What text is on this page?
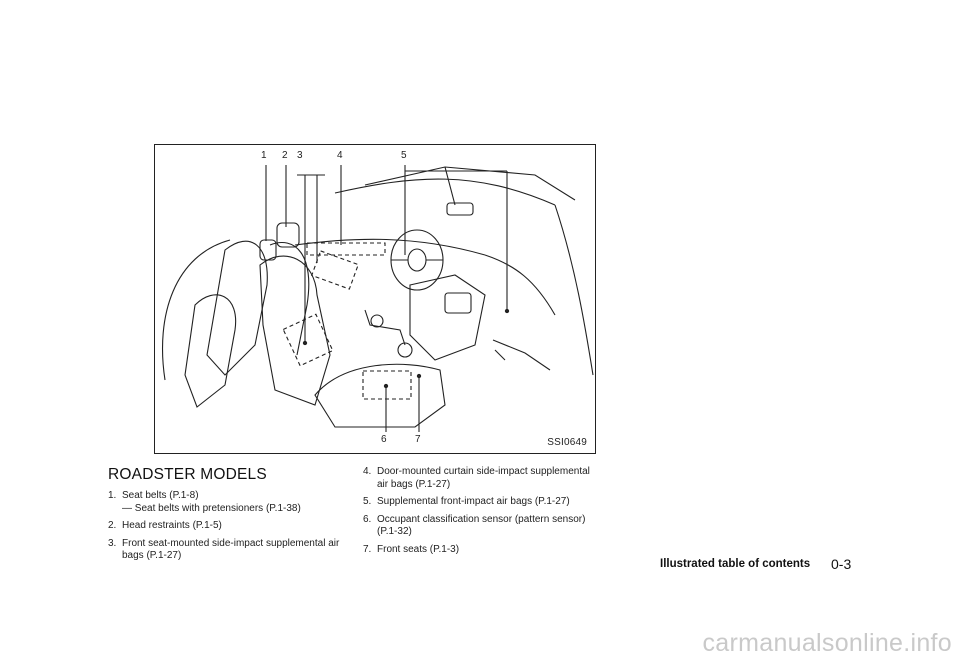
1 2 3	4	5
6	7	SSI0649
ROADSTER MODELS
1. Seat belts (P.1-8)
— Seat belts with pretensioners (P.1-38)
2. Head restraints (P.1-5)
3. Front seat-mounted side-impact supplemental air bags (P.1-27)
4. Door-mounted curtain side-impact supplemental air bags (P.1-27)
5. Supplemental front-impact air bags (P.1-27)
6. Occupant classification sensor (pattern sensor) (P.1-32)
7. Front seats (P.1-3)
Illustrated table of contents 0-3
carmanualsonline.info
